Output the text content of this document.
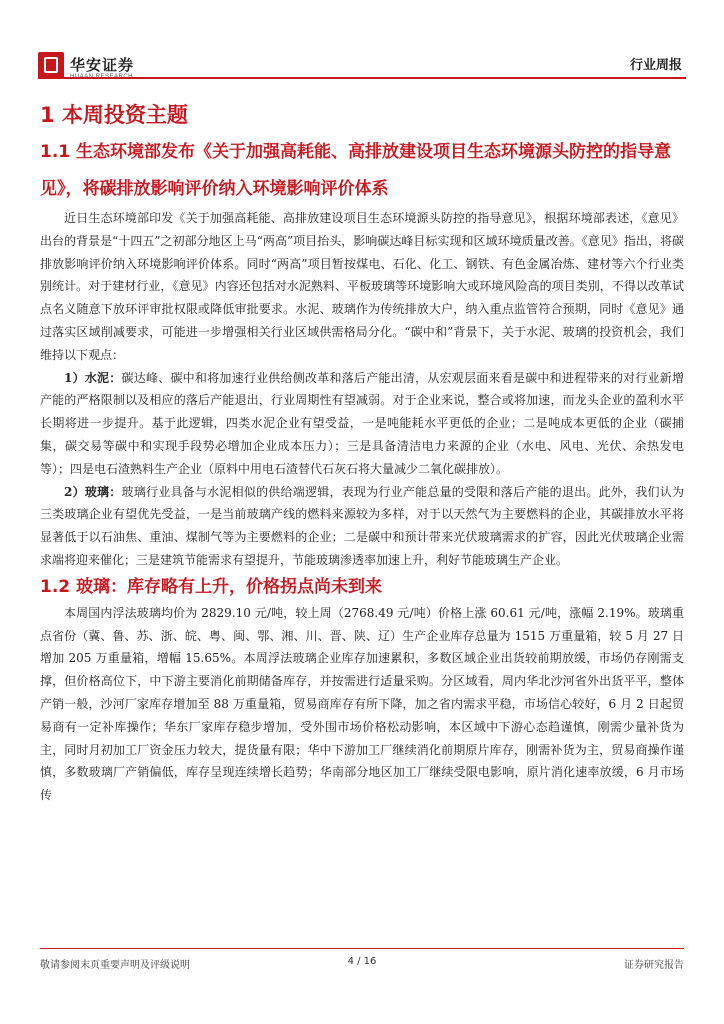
华安证券	行业周报
1 本周投资主题
1.1 生态环境部发布《关于加强高耗能、高排放建设项目生态环境源头防控的指导意见》，将碳排放影响评价纳入环境影响评价体系

近日生态环境部印发《关于加强高耗能、高排放建设项目生态环境源头防控的指导意见》，根据环境部表述，《意见》出台的背景是“十四五”之初部分地区上马“两高”项目抬头，影响碳达峰目标实现和区域环境质量改善。《意见》指出，将碳排放影响评价纳入环境影响评价体系。同时“两高”项目暂按煤电、石化、化工、钢铁、有色金属冶炼、建材等六个行业类别统计。对于建材行业，《意见》内容还包括对水泥熟料、平板玻璃等环境影响大或环境风险高的项目类别，不得以改革试点名义随意下放环评审批权限或降低审批要求。水泥、玻璃作为传统排放大户，纳入重点监管符合预期，同时《意见》通过落实区域削减要求，可能进一步增强相关行业区域供需格局分化。“碳中和”背景下，关于水泥、玻璃的投资机会，我们维持以下观点：

1）水泥：碳达峰、碳中和将加速行业供给侧改革和落后产能出清，从宏观层面来看是碳中和进程带来的对行业新增产能的严格限制以及相应的落后产能退出，行业周期性有望减弱。对于企业来说，整合或将加速，而龙头企业的盈利水平长期将进一步提升。基于此逻辑，四类水泥企业有望受益，一是吨能耗水平更低的企业；二是吨成本更低的企业（碳捕集，碳交易等碳中和实现手段势必增加企业成本压力）；三是具备清洁电力来源的企业（水电、风电、光伏、余热发电等）；四是电石渣熟料生产企业（原料中用电石渣替代石灰石将大量减少二氧化碳排放）。

2）玻璃：玻璃行业具备与水泥相似的供给端逻辑，表现为行业产能总量的受限和落后产能的退出。此外，我们认为三类玻璃企业有望优先受益，一是当前玻璃产线的燃料来源较为多样，对于以天然气为主要燃料的企业，其碳排放水平将显著低于以石油焦、重油、煤制气等为主要燃料的企业；二是碳中和预计带来光伏玻璃需求的扩容，因此光伏玻璃企业需求端将迎来催化；三是建筑节能需求有望提升，节能玻璃渗透率加速上升，利好节能玻璃生产企业。

1.2 玻璃：库存略有上升，价格拐点尚未到来

本周国内浮法玻璃均价为 2829.10 元/吨，较上周（2768.49 元/吨）价格上涨 60.61 元/吨，涨幅 2.19%。玻璃重点省份（冀、鲁、苏、浙、皖、粤、闽、鄂、湘、川、晋、陕、辽）生产企业库存总量为 1515 万重量箱，较 5 月 27 日增加 205 万重量箱，增幅 15.65%。本周浮法玻璃企业库存加速累积，多数区域企业出货较前期放缓，市场仍存刚需支撑，但价格高位下，中下游主要消化前期储备库存，并按需进行适量采购。分区域看，周内华北沙河省外出货平平，整体产销一般，沙河厂家库存增加至 88 万重量箱，贸易商库存有所下降，加之省内需求平稳，市场信心较好，6 月 2 日起贸易商有一定补库操作；华东厂家库存稳步增加，受外围市场价格松动影响，本区域中下游心态趋谨慎，刚需少量补货为主，同时月初加工厂资金压力较大，提货量有限；华中下游加工厂继续消化前期原片库存，刚需补货为主，贸易商操作谨慎，多数玻璃厂产销偏低，库存呈现连续增长趋势；华南部分地区加工厂继续受限电影响，原片消化速率放缓，6 月市场传

敬请参阅末页重要声明及评级说明	4 / 16	证券研究报告
